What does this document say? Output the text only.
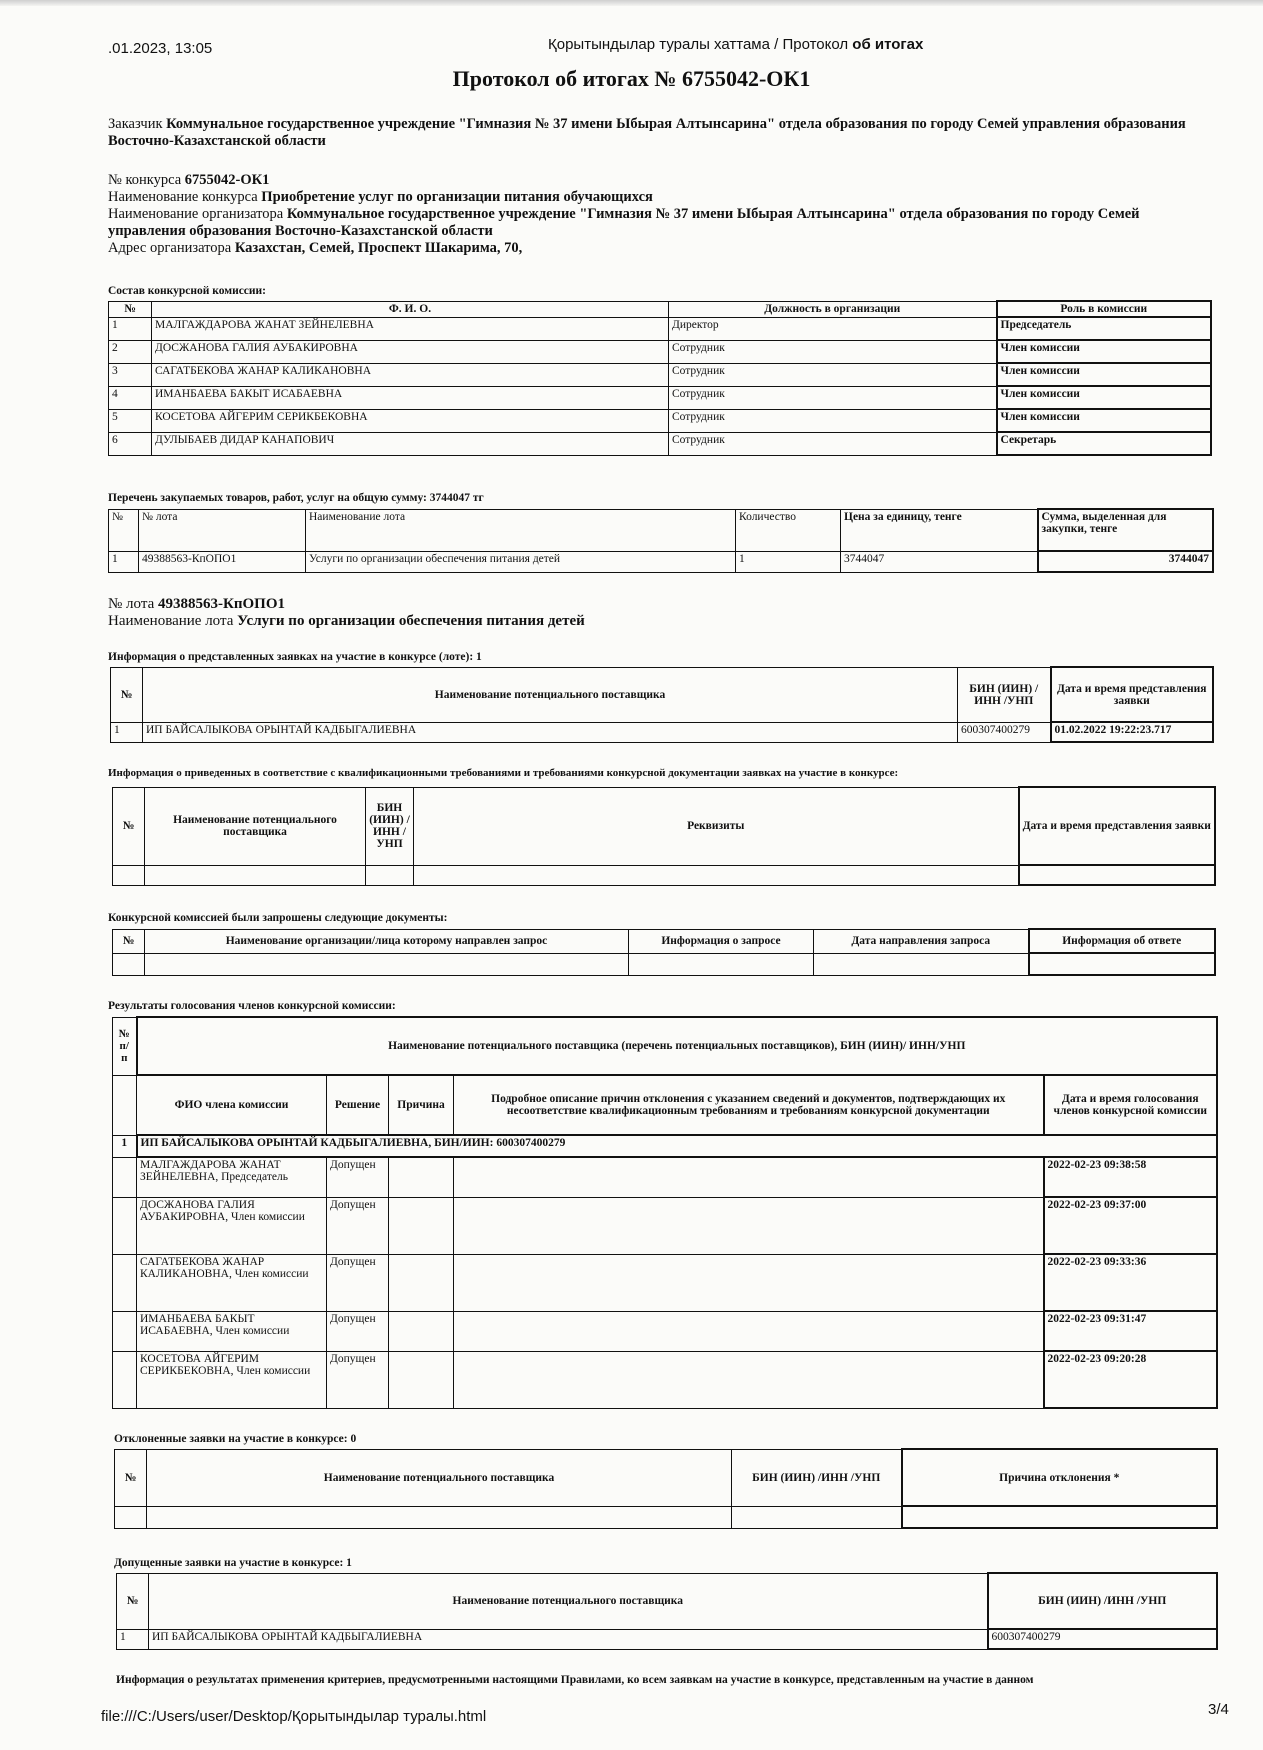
.01.2023, 13:05	Қорытындылар туралы хаттама / Протокол об итогах
Протокол об итогах № 6755042-ОК1
Заказчик Коммунальное государственное учреждение "Гимназия № 37 имени Ыбырая Алтынсарина" отдела образования по городу Семей управления образования Восточно-Казахстанской области
№ конкурса 6755042-ОК1
Наименование конкурса Приобретение услуг по организации питания обучающихся
Наименование организатора Коммунальное государственное учреждение "Гимназия № 37 имени Ыбырая Алтынсарина" отдела образования по городу Семей управления образования Восточно-Казахстанской области
Адрес организатора Казахстан, Семей, Проспект Шакарима, 70,
Состав конкурсной комиссии:
№	Ф. И. О.	Должность в организации	Роль в комиссии
1	МАЛГАЖДАРОВА ЖАНАТ ЗЕЙНЕЛЕВНА	Директор	Председатель
2	ДОСЖАНОВА ГАЛИЯ АУБАКИРОВНА	Сотрудник	Член комиссии
3	САГАТБЕКОВА ЖАНАР КАЛИКАНОВНА	Сотрудник	Член комиссии
4	ИМАНБАЕВА БАКЫТ ИСАБАЕВНА	Сотрудник	Член комиссии
5	КОСЕТОВА АЙГЕРИМ СЕРИКБЕКОВНА	Сотрудник	Член комиссии
6	ДУЛЫБАЕВ ДИДАР КАНАПОВИЧ	Сотрудник	Секретарь
Перечень закупаемых товаров, работ, услуг на общую сумму: 3744047 тг
№	№ лота	Наименование лота	Количество	Цена за единицу, тенге	Сумма, выделенная для закупки, тенге
1	49388563-КпОПО1	Услуги по организации обеспечения питания детей	1	3744047	3744047
№ лота 49388563-КпОПО1
Наименование лота Услуги по организации обеспечения питания детей
Информация о представленных заявках на участие в конкурсе (лоте): 1
№	Наименование потенциального поставщика	БИН (ИИН) /ИНН /УНП	Дата и время представления заявки
1	ИП БАЙСАЛЫКОВА ОРЫНТАЙ КАДБЫГАЛИЕВНА	600307400279	01.02.2022 19:22:23.717
Информация о приведенных в соответствие с квалификационными требованиями и требованиями конкурсной документации заявках на участие в конкурсе:
№	Наименование потенциального поставщика	БИН (ИИН) /ИНН /УНП	Реквизиты	Дата и время представления заявки

Конкурсной комиссией были запрошены следующие документы:
№	Наименование организации/лица которому направлен запрос	Информация о запросе	Дата направления запроса	Информация об ответе

Результаты голосования членов конкурсной комиссии:
№ п/ п	Наименование потенциального поставщика (перечень потенциальных поставщиков), БИН (ИИН)/ ИНН/УНП				
	ФИО члена комиссии	Решение	Причина	Подробное описание причин отклонения с указанием сведений и документов, подтверждающих их несоответствие квалификационным требованиям и требованиям конкурсной документации	Дата и время голосования членов конкурсной комиссии
1	ИП БАЙСАЛЫКОВА ОРЫНТАЙ КАДБЫГАЛИЕВНА, БИН/ИИН: 600307400279				
	МАЛГАЖДАРОВА ЖАНАТ ЗЕЙНЕЛЕВНА, Председатель	Допущен			2022-02-23 09:38:58
	ДОСЖАНОВА ГАЛИЯ АУБАКИРОВНА, Член комиссии	Допущен			2022-02-23 09:37:00
	САГАТБЕКОВА ЖАНАР КАЛИКАНОВНА, Член комиссии	Допущен			2022-02-23 09:33:36
	ИМАНБАЕВА БАКЫТ ИСАБАЕВНА, Член комиссии	Допущен			2022-02-23 09:31:47
	КОСЕТОВА АЙГЕРИМ СЕРИКБЕКОВНА, Член комиссии	Допущен			2022-02-23 09:20:28
Отклоненные заявки на участие в конкурсе: 0
№	Наименование потенциального поставщика	БИН (ИИН) /ИНН /УНП	Причина отклонения *

Допущенные заявки на участие в конкурсе: 1
№	Наименование потенциального поставщика	БИН (ИИН) /ИНН /УНП
1	ИП БАЙСАЛЫКОВА ОРЫНТАЙ КАДБЫГАЛИЕВНА	600307400279
Информация о результатах применения критериев, предусмотренными настоящими Правилами, ко всем заявкам на участие в конкурсе, представленным на участие в данном
file:///C:/Users/user/Desktop/Қорытындылар туралы.html	3/4
